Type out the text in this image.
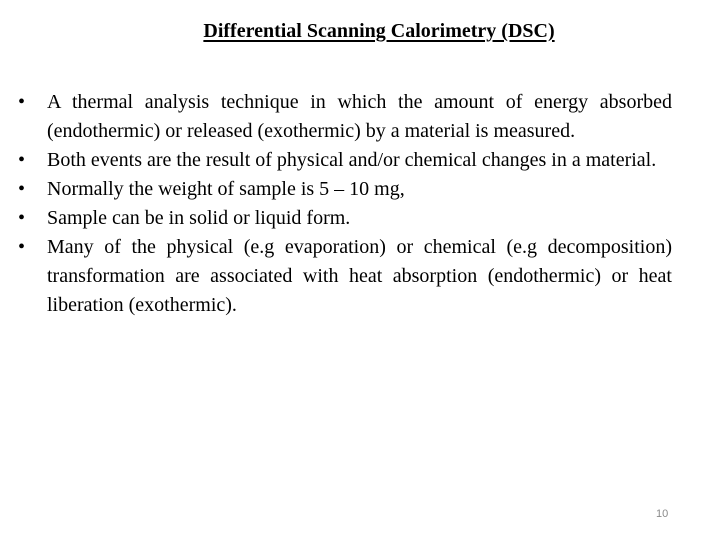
Differential Scanning Calorimetry (DSC)
•	A thermal analysis technique in which the amount of energy absorbed (endothermic) or released (exothermic) by a material is measured.
•	Both events are the result of physical and/or chemical changes in a material.
•	Normally the weight of sample is 5 – 10 mg,
•	Sample can be in solid or liquid form.
•	Many of the physical (e.g evaporation) or chemical (e.g decomposition) transformation are associated with heat absorption (endothermic) or heat liberation (exothermic).
10
